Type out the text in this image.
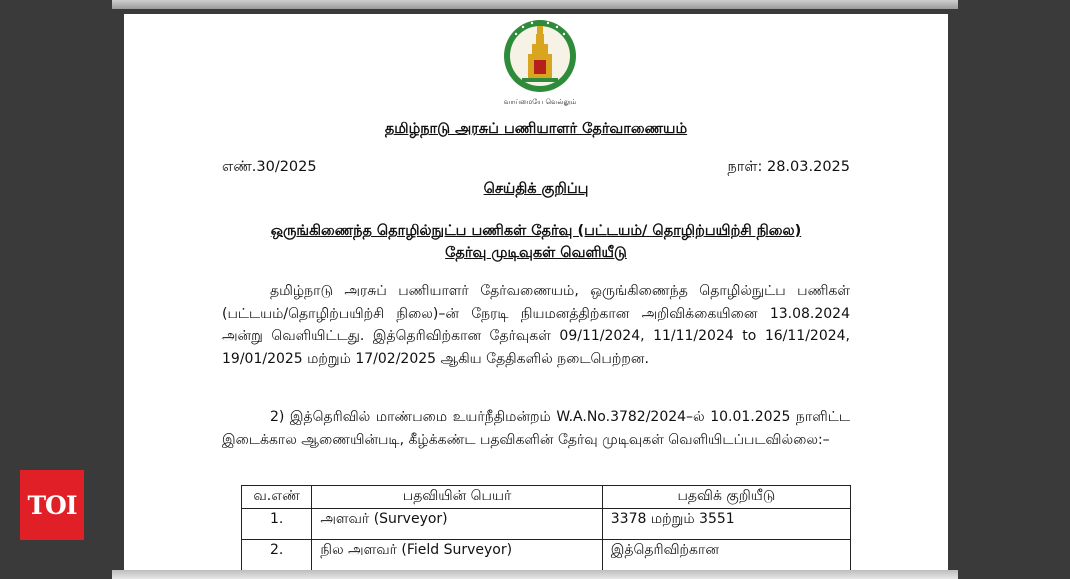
வாய்மையே வெல்லும்
தமிழ்நாடு அரசுப் பணியாளர் தேர்வாணையம்
எண்.30/2025	நாள்: 28.03.2025
செய்திக் குறிப்பு
ஒருங்கிணைந்த தொழில்நுட்ப பணிகள் தேர்வு (பட்டயம்/ தொழிற்பயிற்சி நிலை)
தேர்வு முடிவுகள் வெளியீடு
தமிழ்நாடு அரசுப் பணியாளர் தேர்வணையம், ஒருங்கிணைந்த தொழில்நுட்ப பணிகள் (பட்டயம்/தொழிற்பயிற்சி நிலை)–ன் நேரடி நியமனத்திற்கான அறிவிக்கையினை 13.08.2024 அன்று வெளியிட்டது. இத்தெரிவிற்கான தேர்வுகள் 09/11/2024, 11/11/2024 to 16/11/2024, 19/01/2025 மற்றும் 17/02/2025 ஆகிய தேதிகளில் நடைபெற்றன.
2) இத்தெரிவில் மாண்பமை உயர்நீதிமன்றம் W.A.No.3782/2024–ல் 10.01.2025 நாளிட்ட இடைக்கால ஆணையின்படி, கீழ்க்கண்ட பதவிகளின் தேர்வு முடிவுகள் வெளியிடப்படவில்லை:–
வ.எண்	பதவியின் பெயர்	பதவிக் குறியீடு
1.	அளவர் (Surveyor)	3378 மற்றும் 3551
2.	நில அளவர் (Field Surveyor)	இத்தெரிவிற்கான
TOI
